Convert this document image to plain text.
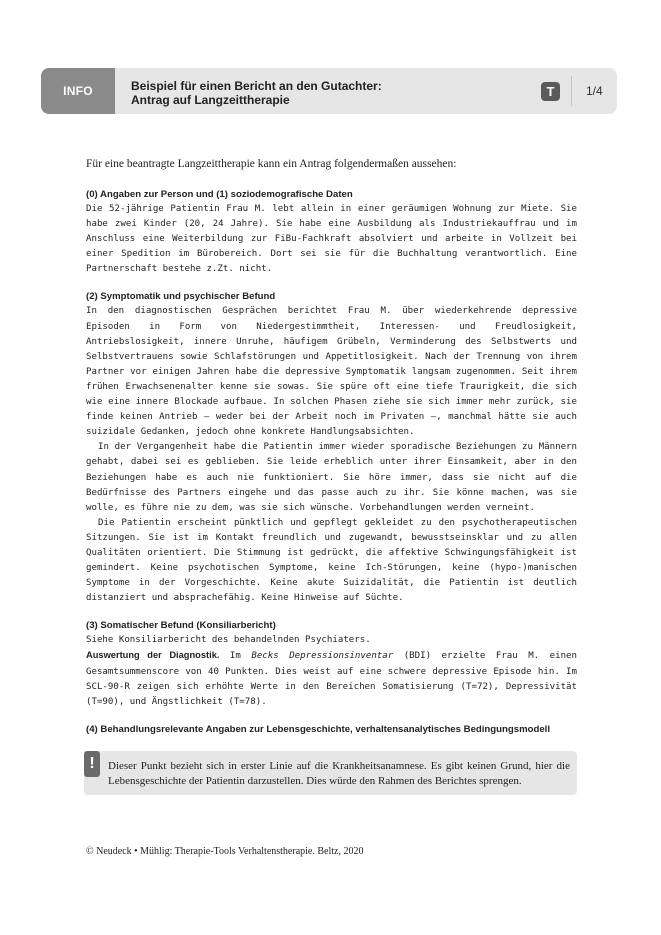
INFO	Beispiel für einen Bericht an den Gutachter:
Antrag auf Langzeittherapie
T	1/4

Für eine beantragte Langzeittherapie kann ein Antrag folgendermaßen aussehen:

(0) Angaben zur Person und (1) soziodemografische Daten

Die 52-jährige Patientin Frau M. lebt allein in einer geräumigen Wohnung zur Miete. Sie habe zwei Kinder (20, 24 Jahre). Sie habe eine Ausbildung als Industriekauffrau und im Anschluss eine Weiterbildung zur FiBu-Fachkraft absolviert und arbeite in Vollzeit bei einer Spedition im Bürobereich. Dort sei sie für die Buchhaltung verantwortlich. Eine Partnerschaft bestehe z.Zt. nicht.

(2) Symptomatik und psychischer Befund

In den diagnostischen Gesprächen berichtet Frau M. über wiederkehrende depressive Episoden in Form von Niedergestimmtheit, Interessen- und Freudlosigkeit, Antriebslosigkeit, innere Unruhe, häufigem Grübeln, Verminderung des Selbstwerts und Selbstvertrauens sowie Schlafstörungen und Appetitlosigkeit. Nach der Trennung von ihrem Partner vor einigen Jahren habe die depressive Symptomatik langsam zugenommen. Seit ihrem frühen Erwachsenenalter kenne sie sowas. Sie spüre oft eine tiefe Traurigkeit, die sich wie eine innere Blockade aufbaue. In solchen Phasen ziehe sie sich immer mehr zurück, sie finde keinen Antrieb – weder bei der Arbeit noch im Privaten –, manchmal hätte sie auch suizidale Gedanken, jedoch ohne konkrete Handlungsabsichten.

In der Vergangenheit habe die Patientin immer wieder sporadische Beziehungen zu Männern gehabt, dabei sei es geblieben. Sie leide erheblich unter ihrer Einsamkeit, aber in den Beziehungen habe es auch nie funktioniert. Sie höre immer, dass sie nicht auf die Bedürfnisse des Partners eingehe und das passe auch zu ihr. Sie könne machen, was sie wolle, es führe nie zu dem, was sie sich wünsche. Vorbehandlungen werden verneint.

Die Patientin erscheint pünktlich und gepflegt gekleidet zu den psychotherapeutischen Sitzungen. Sie ist im Kontakt freundlich und zugewandt, bewusstseinsklar und zu allen Qualitäten orientiert. Die Stimmung ist gedrückt, die affektive Schwingungsfähigkeit ist gemindert. Keine psychotischen Symptome, keine Ich-Störungen, keine (hypo-)manischen Symptome in der Vorgeschichte. Keine akute Suizidalität, die Patientin ist deutlich distanziert und absprachefähig. Keine Hinweise auf Süchte.

(3) Somatischer Befund (Konsiliarbericht)

Siehe Konsiliarbericht des behandelnden Psychiaters.

Auswertung der Diagnostik. Im Becks Depressionsinventar (BDI) erzielte Frau M. einen Gesamtsummenscore von 40 Punkten. Dies weist auf eine schwere depressive Episode hin. Im SCL-90-R zeigen sich erhöhte Werte in den Bereichen Somatisierung (T=72), Depressivität (T=90), und Ängstlichkeit (T=78).

(4) Behandlungsrelevante Angaben zur Lebensgeschichte, verhaltensanalytisches Bedingungsmodell
!	Dieser Punkt bezieht sich in erster Linie auf die Krankheitsanamnese. Es gibt keinen Grund, hier die Lebensgeschichte der Patientin darzustellen. Dies würde den Rahmen des Berichtes sprengen.
© Neudeck • Mühlig: Therapie-Tools Verhaltenstherapie. Beltz, 2020
